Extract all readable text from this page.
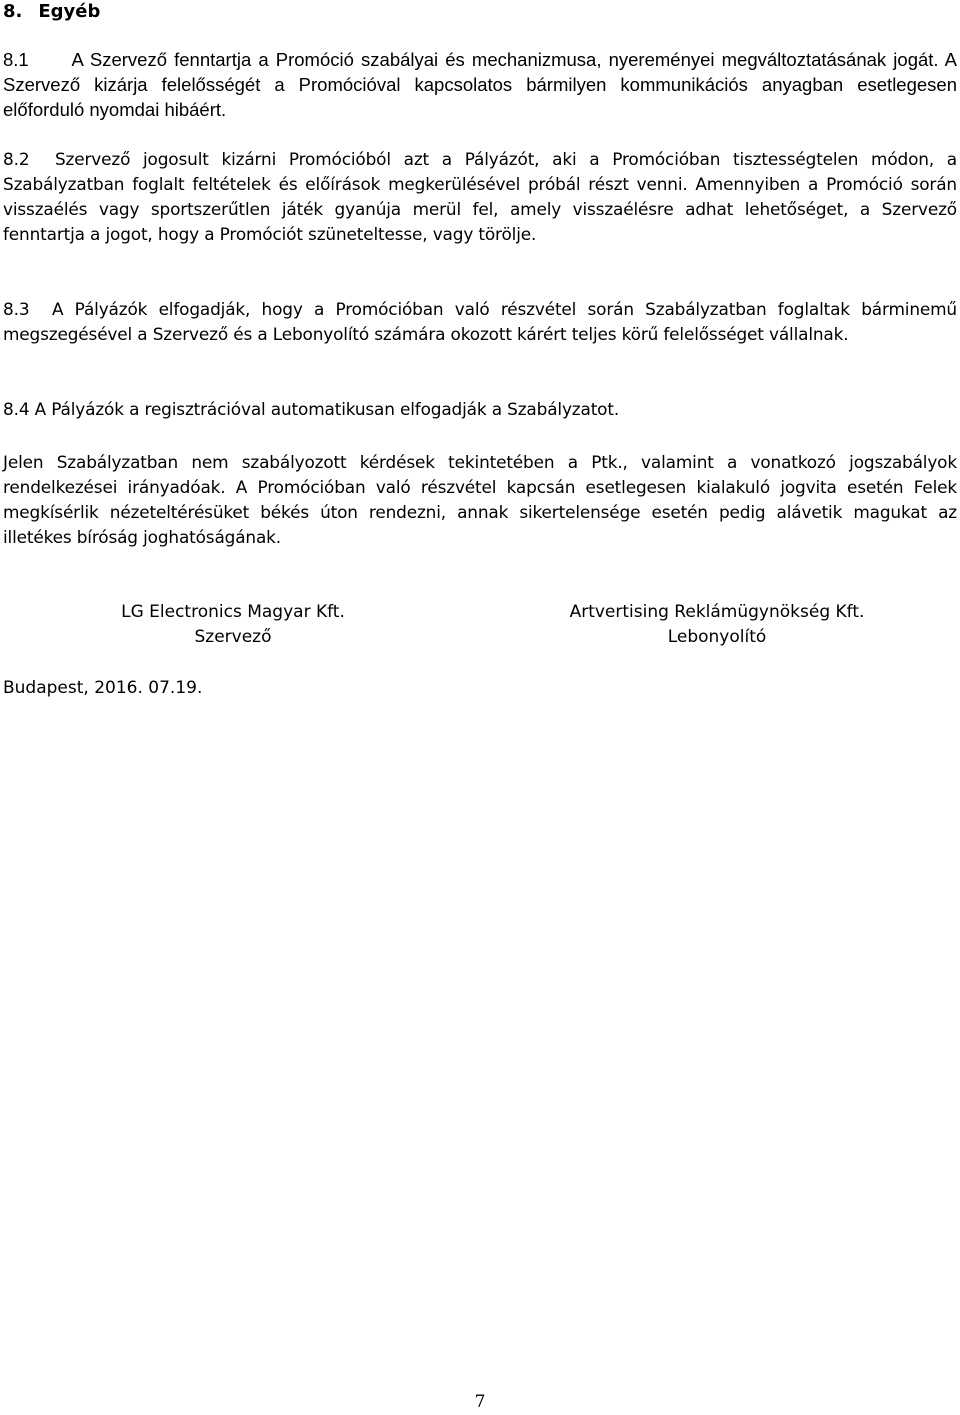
8. Egyéb

8.1 A Szervező fenntartja a Promóció szabályai és mechanizmusa, nyereményei megváltoztatásának jogát. A Szervező kizárja felelősségét a Promócióval kapcsolatos bármilyen kommunikációs anyagban esetlegesen előforduló nyomdai hibáért.

8.2 Szervező jogosult kizárni Promócióból azt a Pályázót, aki a Promócióban tisztességtelen módon, a Szabályzatban foglalt feltételek és előírások megkerülésével próbál részt venni. Amennyiben a Promóció során visszaélés vagy sportszerűtlen játék gyanúja merül fel, amely visszaélésre adhat lehetőséget, a Szervező fenntartja a jogot, hogy a Promóciót szüneteltesse, vagy törölje.

8.3 A Pályázók elfogadják, hogy a Promócióban való részvétel során Szabályzatban foglaltak bárminemű megszegésével a Szervező és a Lebonyolító számára okozott kárért teljes körű felelősséget vállalnak.

8.4 A Pályázók a regisztrációval automatikusan elfogadják a Szabályzatot.

Jelen Szabályzatban nem szabályozott kérdések tekintetében a Ptk., valamint a vonatkozó jogszabályok rendelkezései irányadóak. A Promócióban való részvétel kapcsán esetlegesen kialakuló jogvita esetén Felek megkísérlik nézeteltérésüket békés úton rendezni, annak sikertelensége esetén pedig alávetik magukat az illetékes bíróság joghatóságának.

LG Electronics Magyar Kft.
Szervező
Artvertising Reklámügynökség Kft.
Lebonyolító
Budapest, 2016. 07.19.
7
